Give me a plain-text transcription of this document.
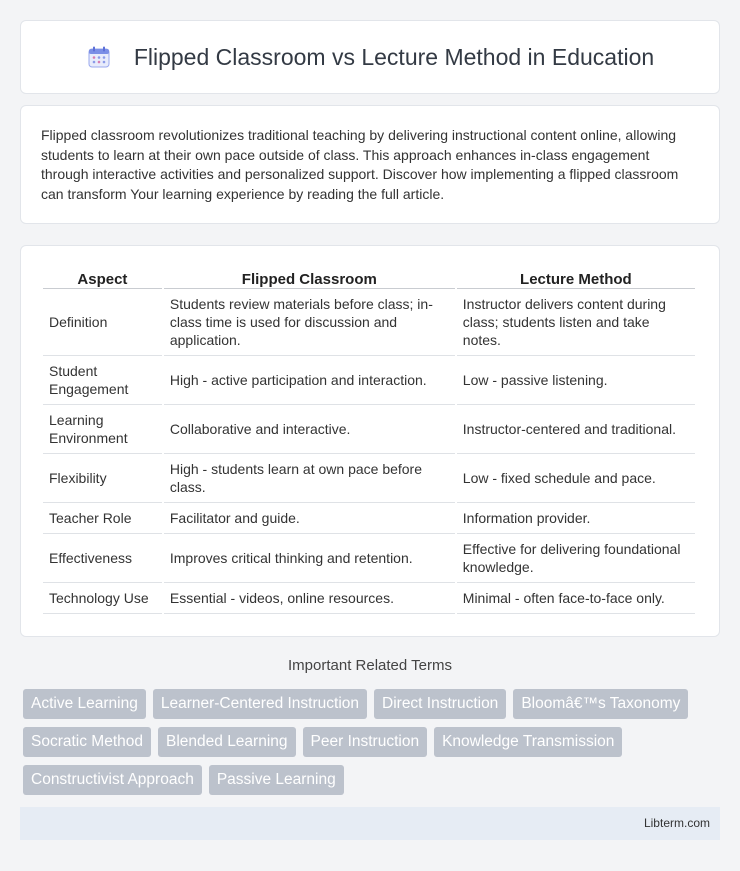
Flipped Classroom vs Lecture Method in Education

Flipped classroom revolutionizes traditional teaching by delivering instructional content online, allowing students to learn at their own pace outside of class. This approach enhances in-class engagement through interactive activities and personalized support. Discover how implementing a flipped classroom can transform Your learning experience by reading the full article.

Aspect	Flipped Classroom	Lecture Method
Definition	Students review materials before class; in-class time is used for discussion and application.	Instructor delivers content during class; students listen and take notes.
Student Engagement	High - active participation and interaction.	Low - passive listening.
Learning Environment	Collaborative and interactive.	Instructor-centered and traditional.
Flexibility	High - students learn at own pace before class.	Low - fixed schedule and pace.
Teacher Role	Facilitator and guide.	Information provider.
Effectiveness	Improves critical thinking and retention.	Effective for delivering foundational knowledge.
Technology Use	Essential - videos, online resources.	Minimal - often face-to-face only.
Important Related Terms
Active Learning	Learner-Centered Instruction	Direct Instruction	Bloomâ€™s Taxonomy
Socratic Method	Blended Learning	Peer Instruction	Knowledge Transmission
Constructivist Approach	Passive Learning
Libterm.com
